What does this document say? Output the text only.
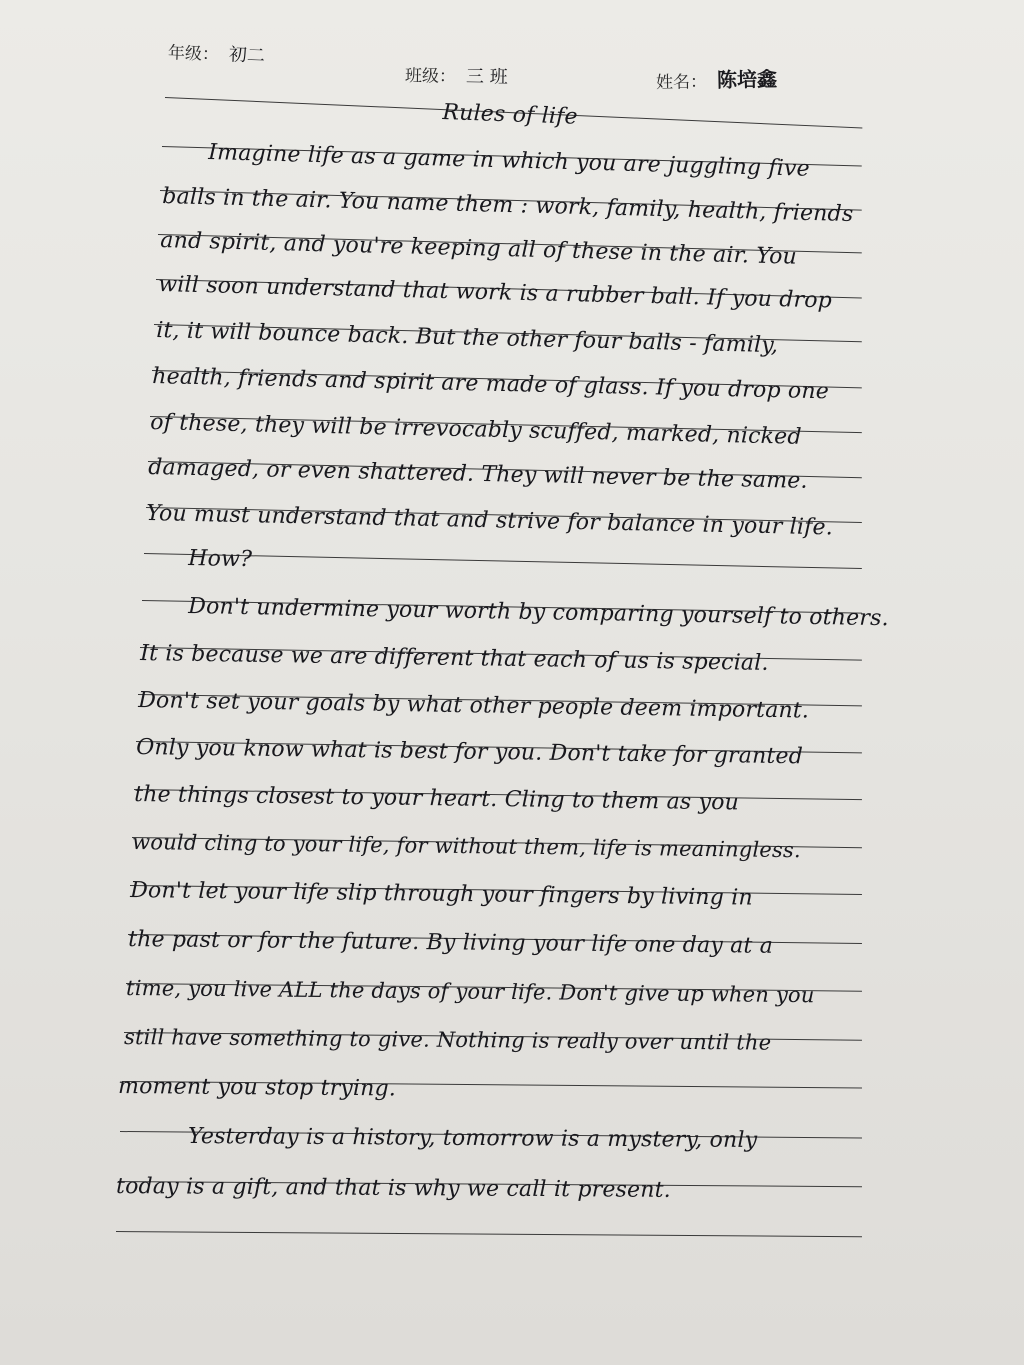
年级： 初二
班级： 三 班	姓名： 陈培鑫
Rules of life
Imagine life as a game in which you are juggling five
balls in the air. You name them : work, family, health, friends
and spirit, and you're keeping all of these in the air. You
will soon understand that work is a rubber ball. If you drop
it, it will bounce back. But the other four balls - family,
health, friends and spirit are made of glass. If you drop one
of these, they will be irrevocably scuffed, marked, nicked
damaged, or even shattered. They will never be the same.
You must understand that and strive for balance in your life.
How?
Don't undermine your worth by comparing yourself to others.
It is because we are different that each of us is special.
Don't set your goals by what other people deem important.
Only you know what is best for you. Don't take for granted
the things closest to your heart. Cling to them as you
would cling to your life, for without them, life is meaningless.
Don't let your life slip through your fingers by living in
the past or for the future. By living your life one day at a
time, you live ALL the days of your life. Don't give up when you
still have something to give. Nothing is really over until the
moment you stop trying.
Yesterday is a history, tomorrow is a mystery, only
today is a gift, and that is why we call it present.
